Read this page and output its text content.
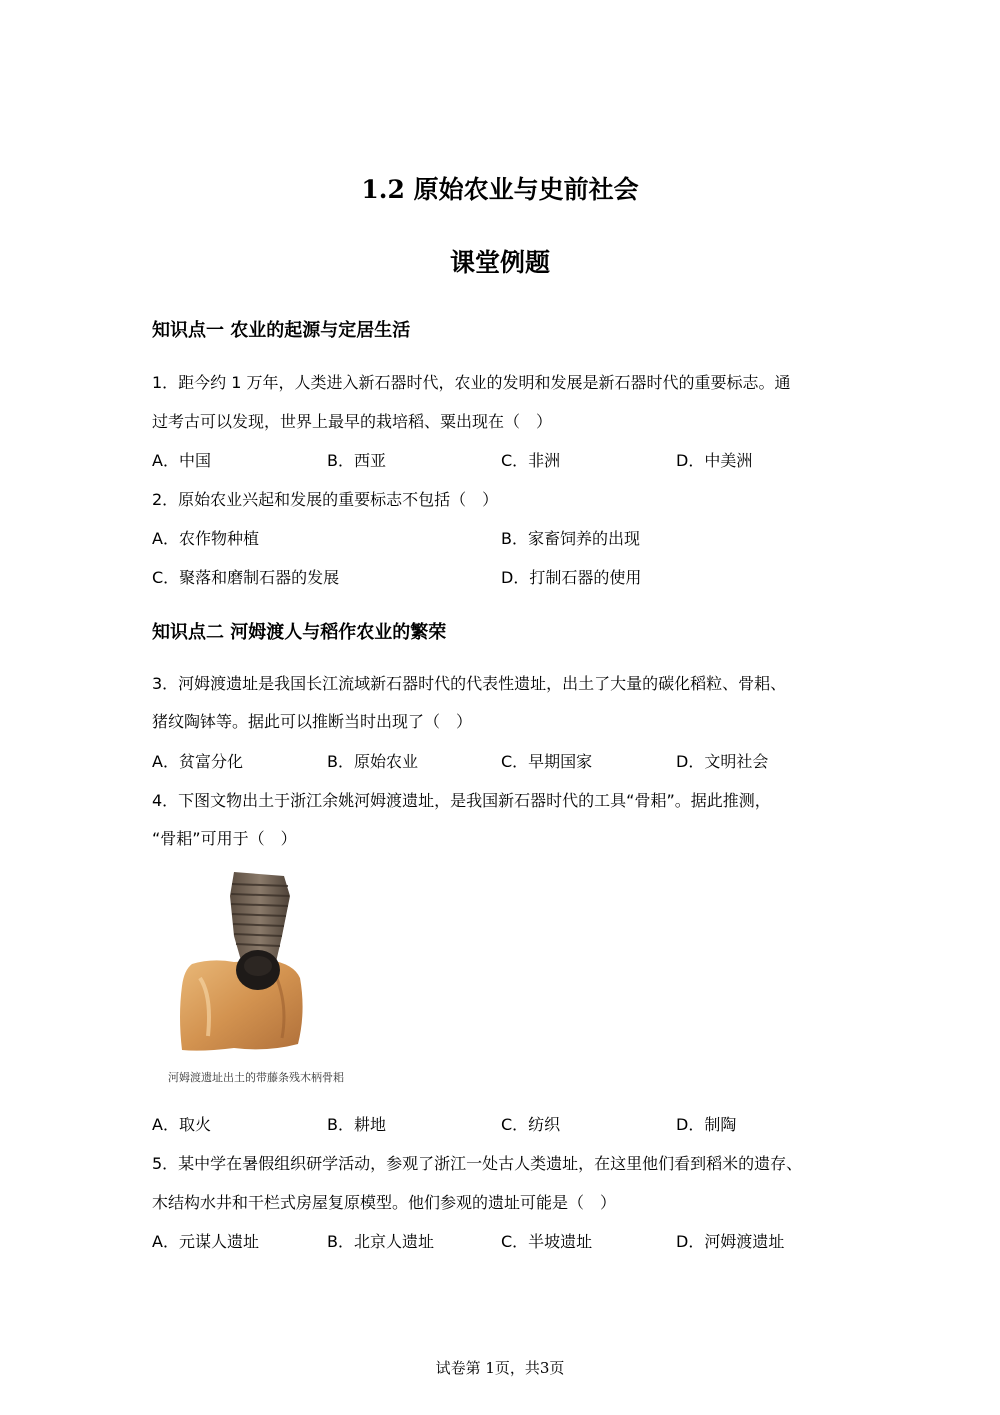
1.2 原始农业与史前社会
课堂例题
知识点一 农业的起源与定居生活
1．距今约 1 万年，人类进入新石器时代，农业的发明和发展是新石器时代的重要标志。通
过考古可以发现，世界上最早的栽培稻、粟出现在（　）
A．中国	B．西亚	C．非洲	D．中美洲
2．原始农业兴起和发展的重要标志不包括（　）
A．农作物种植	B．家畜饲养的出现
C．聚落和磨制石器的发展	D．打制石器的使用
知识点二 河姆渡人与稻作农业的繁荣
3．河姆渡遗址是我国长江流域新石器时代的代表性遗址，出土了大量的碳化稻粒、骨耜、
猪纹陶钵等。据此可以推断当时出现了（　）
A．贫富分化	B．原始农业	C．早期国家	D．文明社会
4．下图文物出土于浙江余姚河姆渡遗址，是我国新石器时代的工具“骨耜”。据此推测，
“骨耜”可用于（　）
河姆渡遗址出土的带藤条残木柄骨耜
A．取火	B．耕地	C．纺织	D．制陶
5．某中学在暑假组织研学活动，参观了浙江一处古人类遗址，在这里他们看到稻米的遗存、
木结构水井和干栏式房屋复原模型。他们参观的遗址可能是（　）
A．元谋人遗址	B．北京人遗址	C．半坡遗址	D．河姆渡遗址
试卷第 1页，共3页
